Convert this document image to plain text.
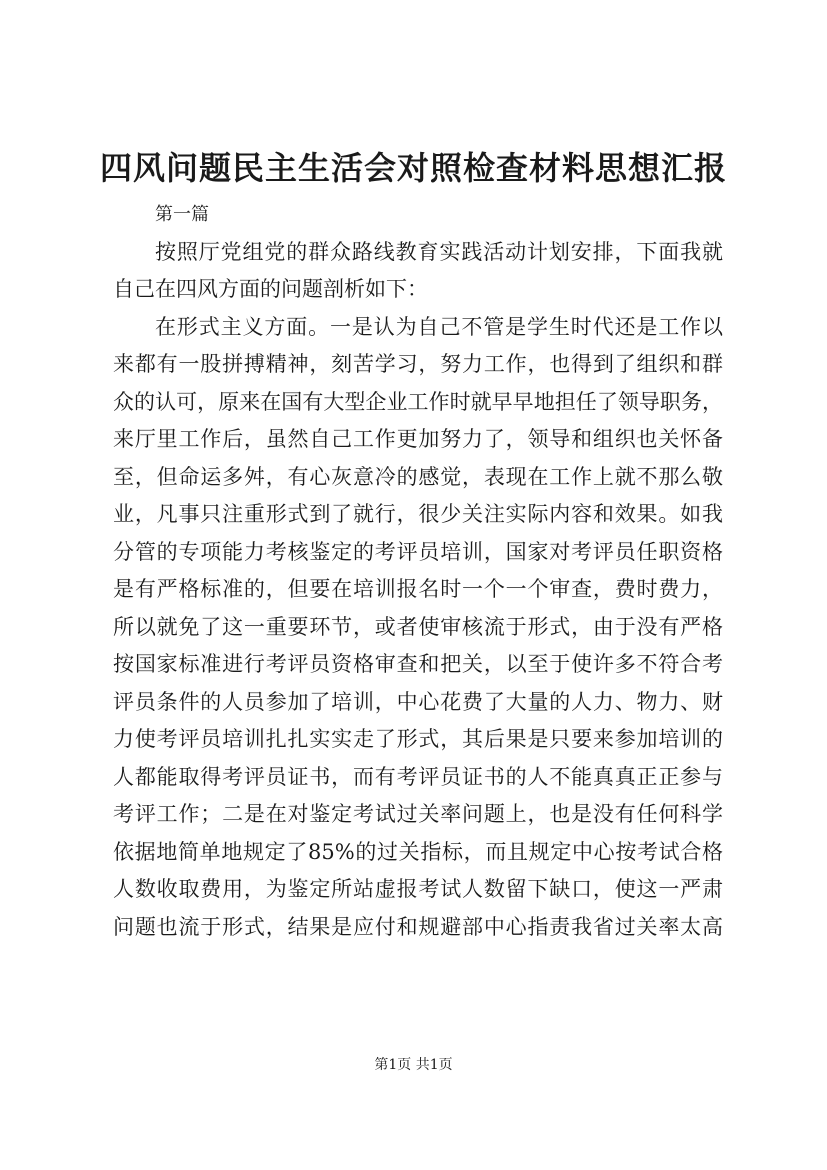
四风问题民主生活会对照检查材料思想汇报
第一篇
按照厅党组党的群众路线教育实践活动计划安排，下面我就
自己在四风方面的问题剖析如下：
在形式主义方面。一是认为自己不管是学生时代还是工作以
来都有一股拼搏精神，刻苦学习，努力工作，也得到了组织和群
众的认可，原来在国有大型企业工作时就早早地担任了领导职务，
来厅里工作后，虽然自己工作更加努力了，领导和组织也关怀备
至，但命运多舛，有心灰意冷的感觉，表现在工作上就不那么敬
业，凡事只注重形式到了就行，很少关注实际内容和效果。如我
分管的专项能力考核鉴定的考评员培训，国家对考评员任职资格
是有严格标准的，但要在培训报名时一个一个审查，费时费力，
所以就免了这一重要环节，或者使审核流于形式，由于没有严格
按国家标准进行考评员资格审查和把关，以至于使许多不符合考
评员条件的人员参加了培训，中心花费了大量的人力、物力、财
力使考评员培训扎扎实实走了形式，其后果是只要来参加培训的
人都能取得考评员证书，而有考评员证书的人不能真真正正参与
考评工作；二是在对鉴定考试过关率问题上，也是没有任何科学
依据地简单地规定了85%的过关指标，而且规定中心按考试合格
人数收取费用，为鉴定所站虚报考试人数留下缺口，使这一严肃
问题也流于形式，结果是应付和规避部中心指责我省过关率太高
第1页 共1页
